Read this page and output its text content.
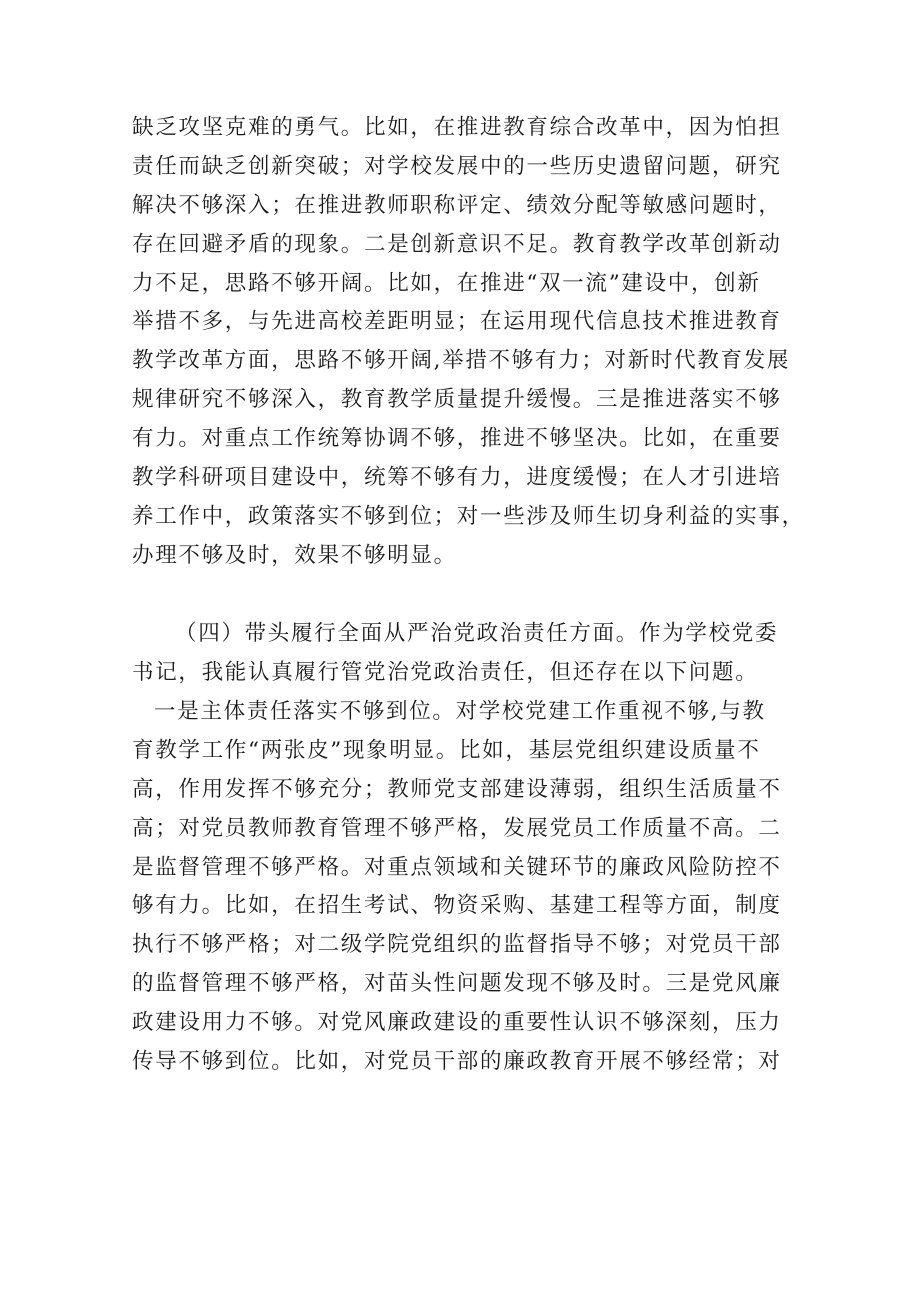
缺乏攻坚克难的勇气。比如，在推进教育综合改革中，因为怕担
责任而缺乏创新突破；对学校发展中的一些历史遗留问题，研究
解决不够深入；在推进教师职称评定、绩效分配等敏感问题时，
存在回避矛盾的现象。二是创新意识不足。教育教学改革创新动
力不足，思路不够开阔。比如，在推进“双一流”建设中，创新
举措不多，与先进高校差距明显；在运用现代信息技术推进教育
教学改革方面，思路不够开阔,举措不够有力；对新时代教育发展
规律研究不够深入，教育教学质量提升缓慢。三是推进落实不够
有力。对重点工作统筹协调不够，推进不够坚决。比如，在重要
教学科研项目建设中，统筹不够有力，进度缓慢；在人才引进培
养工作中，政策落实不够到位；对一些涉及师生切身利益的实事，
办理不够及时，效果不够明显。
（四）带头履行全面从严治党政治责任方面。作为学校党委
书记，我能认真履行管党治党政治责任，但还存在以下问题。
一是主体责任落实不够到位。对学校党建工作重视不够,与教
育教学工作“两张皮”现象明显。比如，基层党组织建设质量不
高，作用发挥不够充分；教师党支部建设薄弱，组织生活质量不
高；对党员教师教育管理不够严格，发展党员工作质量不高。二
是监督管理不够严格。对重点领域和关键环节的廉政风险防控不
够有力。比如，在招生考试、物资采购、基建工程等方面，制度
执行不够严格；对二级学院党组织的监督指导不够；对党员干部
的监督管理不够严格，对苗头性问题发现不够及时。三是党风廉
政建设用力不够。对党风廉政建设的重要性认识不够深刻，压力
传导不够到位。比如，对党员干部的廉政教育开展不够经常；对
